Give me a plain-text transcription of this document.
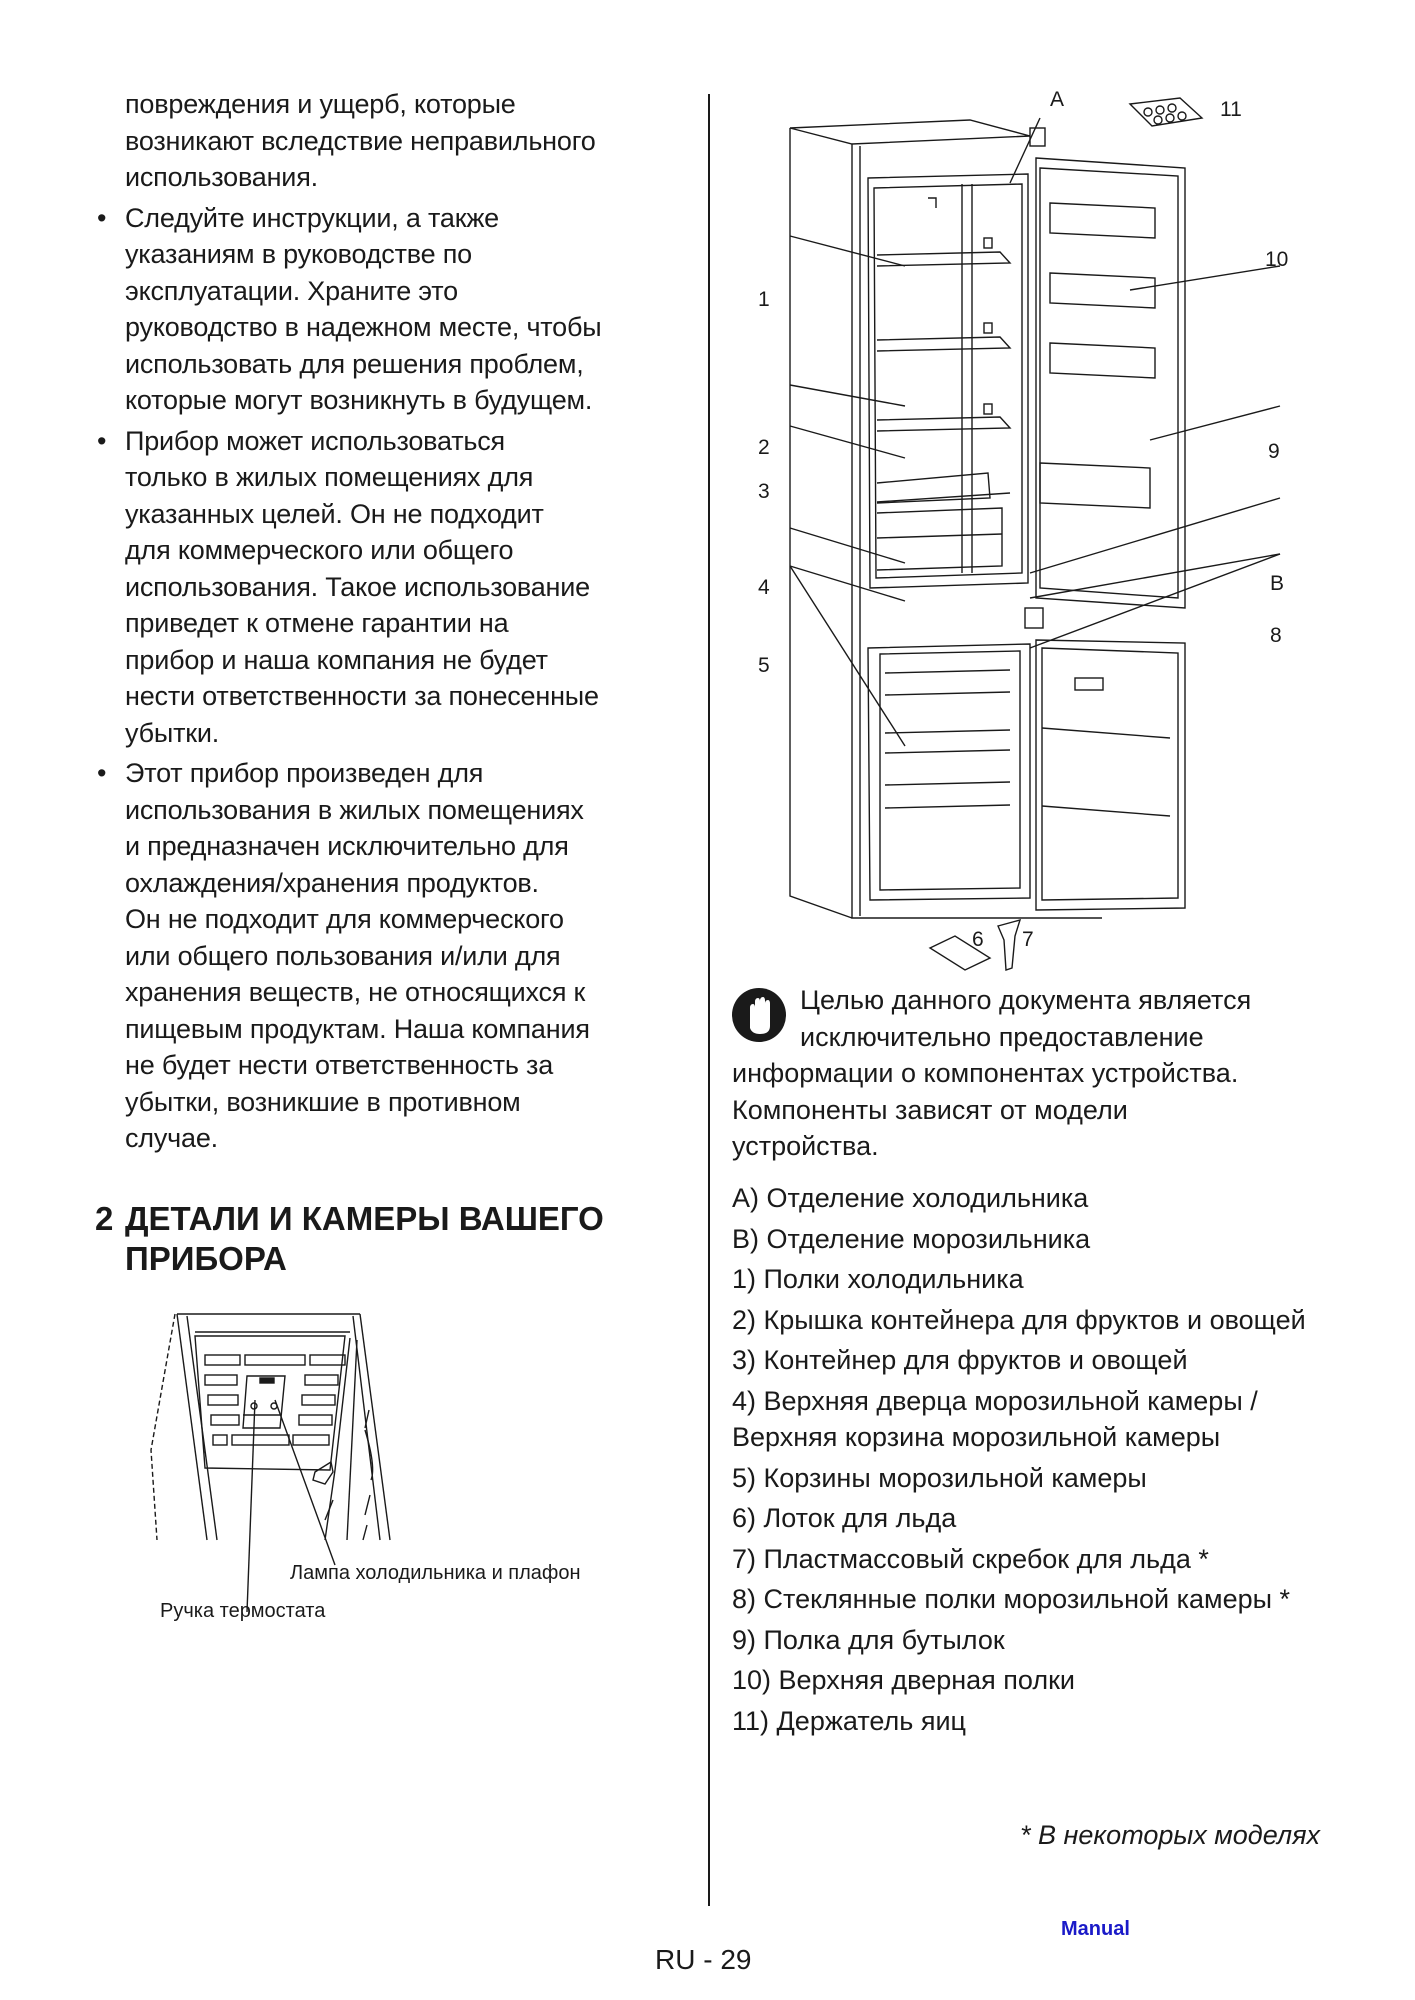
повреждения и ущерб, которые
возникают вследствие неправильного
использования.
• Следуйте инструкции, а также
указаниям в руководстве по
эксплуатации. Храните это
руководство в надежном месте, чтобы
использовать для решения проблем,
которые могут возникнуть в будущем.
• Прибор может использоваться
только в жилых помещениях для
указанных целей. Он не подходит
для коммерческого или общего
использования. Такое использование
приведет к отмене гарантии на
прибор и наша компания не будет
нести ответственности за понесенные
убытки.
• Этот прибор произведен для
использования в жилых помещениях
и предназначен исключительно для
охлаждения/хранения продуктов.
Он не подходит для коммерческого
или общего пользования и/или для
хранения веществ, не относящихся к
пищевым продуктам. Наша компания
не будет нести ответственность за
убытки, возникшие в противном
случае.
2 ДЕТАЛИ И КАМЕРЫ ВАШЕГО
ПРИБОРА
Лампа холодильника и плафон
Ручка термостата
A	11
10
1
2	9
3
B
4
8
5
6 7
Целью данного документа является
исключительно предоставление
информации о компонентах устройства.
Компоненты зависят от модели
устройства.
A) Отделение холодильника
B) Отделение морозильника
1) Полки холодильника
2) Крышка контейнера для фруктов и овощей
3) Контейнер для фруктов и овощей
4) Верхняя дверца морозильной камеры / Верхняя корзина морозильной камеры
5) Корзины морозильной камеры
6) Лоток для льда
7) Пластмассовый скребок для льда *
8) Стеклянные полки морозильной камеры *
9) Полка для бутылок
10) Верхняя дверная полки
11) Держатель яиц
* В некоторых моделях
RU - 29
Manual
